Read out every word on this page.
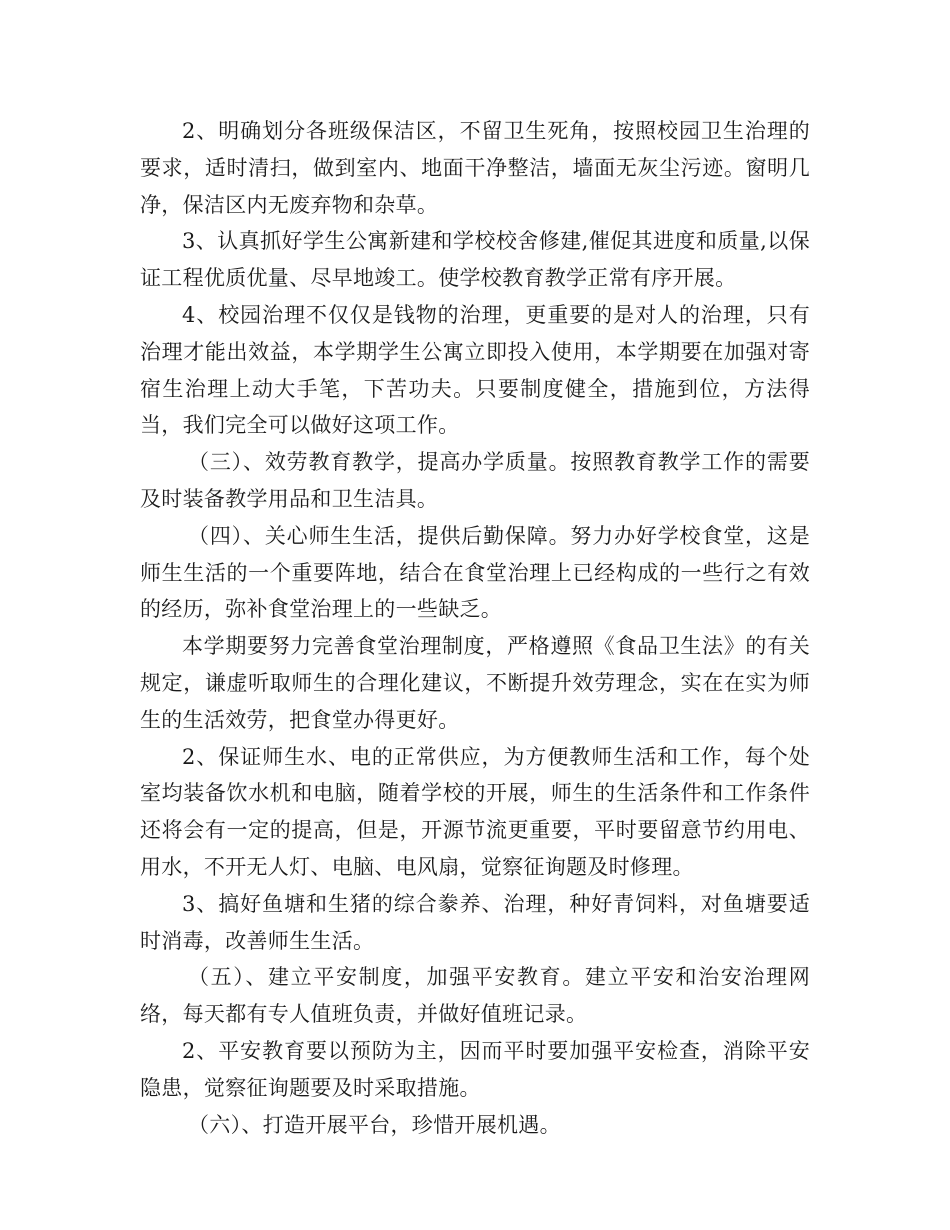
2、明确划分各班级保洁区，不留卫生死角，按照校园卫生治理的要求，适时清扫，做到室内、地面干净整洁，墙面无灰尘污迹。窗明几净，保洁区内无废弃物和杂草。

3、认真抓好学生公寓新建和学校校舍修建,催促其进度和质量,以保证工程优质优量、尽早地竣工。使学校教育教学正常有序开展。

4、校园治理不仅仅是钱物的治理，更重要的是对人的治理，只有治理才能出效益，本学期学生公寓立即投入使用，本学期要在加强对寄宿生治理上动大手笔，下苦功夫。只要制度健全，措施到位，方法得当，我们完全可以做好这项工作。

（三）、效劳教育教学，提高办学质量。按照教育教学工作的需要及时装备教学用品和卫生洁具。

（四）、关心师生生活，提供后勤保障。努力办好学校食堂，这是师生生活的一个重要阵地，结合在食堂治理上已经构成的一些行之有效的经历，弥补食堂治理上的一些缺乏。

本学期要努力完善食堂治理制度，严格遵照《食品卫生法》的有关规定，谦虚听取师生的合理化建议，不断提升效劳理念，实在在实为师生的生活效劳，把食堂办得更好。

2、保证师生水、电的正常供应，为方便教师生活和工作，每个处室均装备饮水机和电脑，随着学校的开展，师生的生活条件和工作条件还将会有一定的提高，但是，开源节流更重要，平时要留意节约用电、用水，不开无人灯、电脑、电风扇，觉察征询题及时修理。

3、搞好鱼塘和生猪的综合豢养、治理，种好青饲料，对鱼塘要适时消毒，改善师生生活。

（五）、建立平安制度，加强平安教育。建立平安和治安治理网络，每天都有专人值班负责，并做好值班记录。

2、平安教育要以预防为主，因而平时要加强平安检查，消除平安隐患，觉察征询题要及时采取措施。

（六）、打造开展平台，珍惜开展机遇。
